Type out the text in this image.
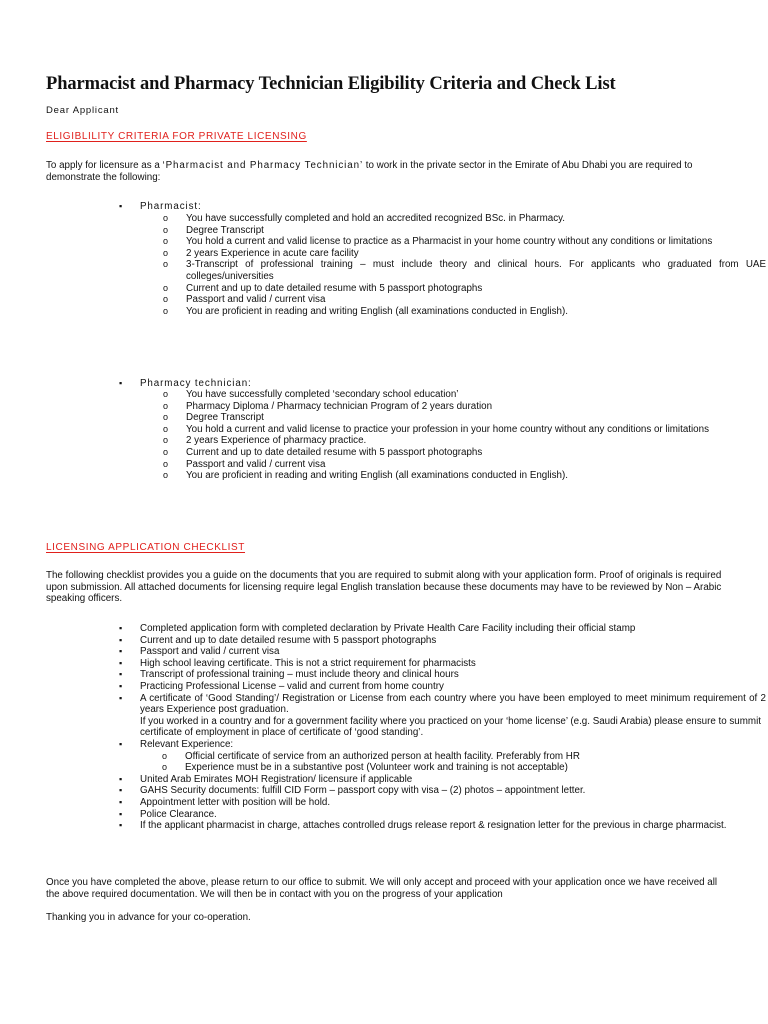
Pharmacist and Pharmacy Technician Eligibility Criteria and Check List
Dear Applicant
ELIGIBLILITY CRITERIA FOR PRIVATE LICENSING
To apply for licensure as a ‘Pharmacist and Pharmacy Technician’ to work in the private sector in the Emirate of Abu Dhabi you are required to demonstrate the following:
▪ Pharmacist:
o You have successfully completed and hold an accredited recognized BSc. in Pharmacy.
o Degree Transcript
o You hold a current and valid license to practice as a Pharmacist in your home country without any conditions or limitations
o 2 years Experience in acute care facility
o 3-Transcript of professional training – must include theory and clinical hours. For applicants who graduated from UAE colleges/universities
o Current and up to date detailed resume with 5 passport photographs
o Passport and valid / current visa
o You are proficient in reading and writing English (all examinations conducted in English).
▪ Pharmacy technician:
o You have successfully completed ‘secondary school education’
o Pharmacy Diploma / Pharmacy technician Program of 2 years duration
o Degree Transcript
o You hold a current and valid license to practice your profession in your home country without any conditions or limitations
o 2 years Experience of pharmacy practice.
o Current and up to date detailed resume with 5 passport photographs
o Passport and valid / current visa
o You are proficient in reading and writing English (all examinations conducted in English).
LICENSING APPLICATION CHECKLIST
The following checklist provides you a guide on the documents that you are required to submit along with your application form. Proof of originals is required upon submission. All attached documents for licensing require legal English translation because these documents may have to be reviewed by Non – Arabic speaking officers.
▪ Completed application form with completed declaration by Private Health Care Facility including their official stamp
▪ Current and up to date detailed resume with 5 passport photographs
▪ Passport and valid / current visa
▪ High school leaving certificate. This is not a strict requirement for pharmacists
▪ Transcript of professional training – must include theory and clinical hours
▪ Practicing Professional License – valid and current from home country
▪ A certificate of ‘Good Standing’/ Registration or License from each country where you have been employed to meet minimum requirement of 2 years Experience post graduation.

If you worked in a country and for a government facility where you practiced on your ‘home license’ (e.g. Saudi Arabia) please ensure to summit certificate of employment in place of certificate of ‘good standing’.
▪ Relevant Experience:
o Official certificate of service from an authorized person at health facility. Preferably from HR
o Experience must be in a substantive post (Volunteer work and training is not acceptable)
▪ United Arab Emirates MOH Registration/ licensure if applicable
▪ GAHS Security documents: fulfill CID Form – passport copy with visa – (2) photos – appointment letter.
▪ Appointment letter with position will be hold.
▪ Police Clearance.
▪ If the applicant pharmacist in charge, attaches controlled drugs release report & resignation letter for the previous in charge pharmacist.
Once you have completed the above, please return to our office to submit. We will only accept and proceed with your application once we have received all the above required documentation. We will then be in contact with you on the progress of your application
Thanking you in advance for your co-operation.
